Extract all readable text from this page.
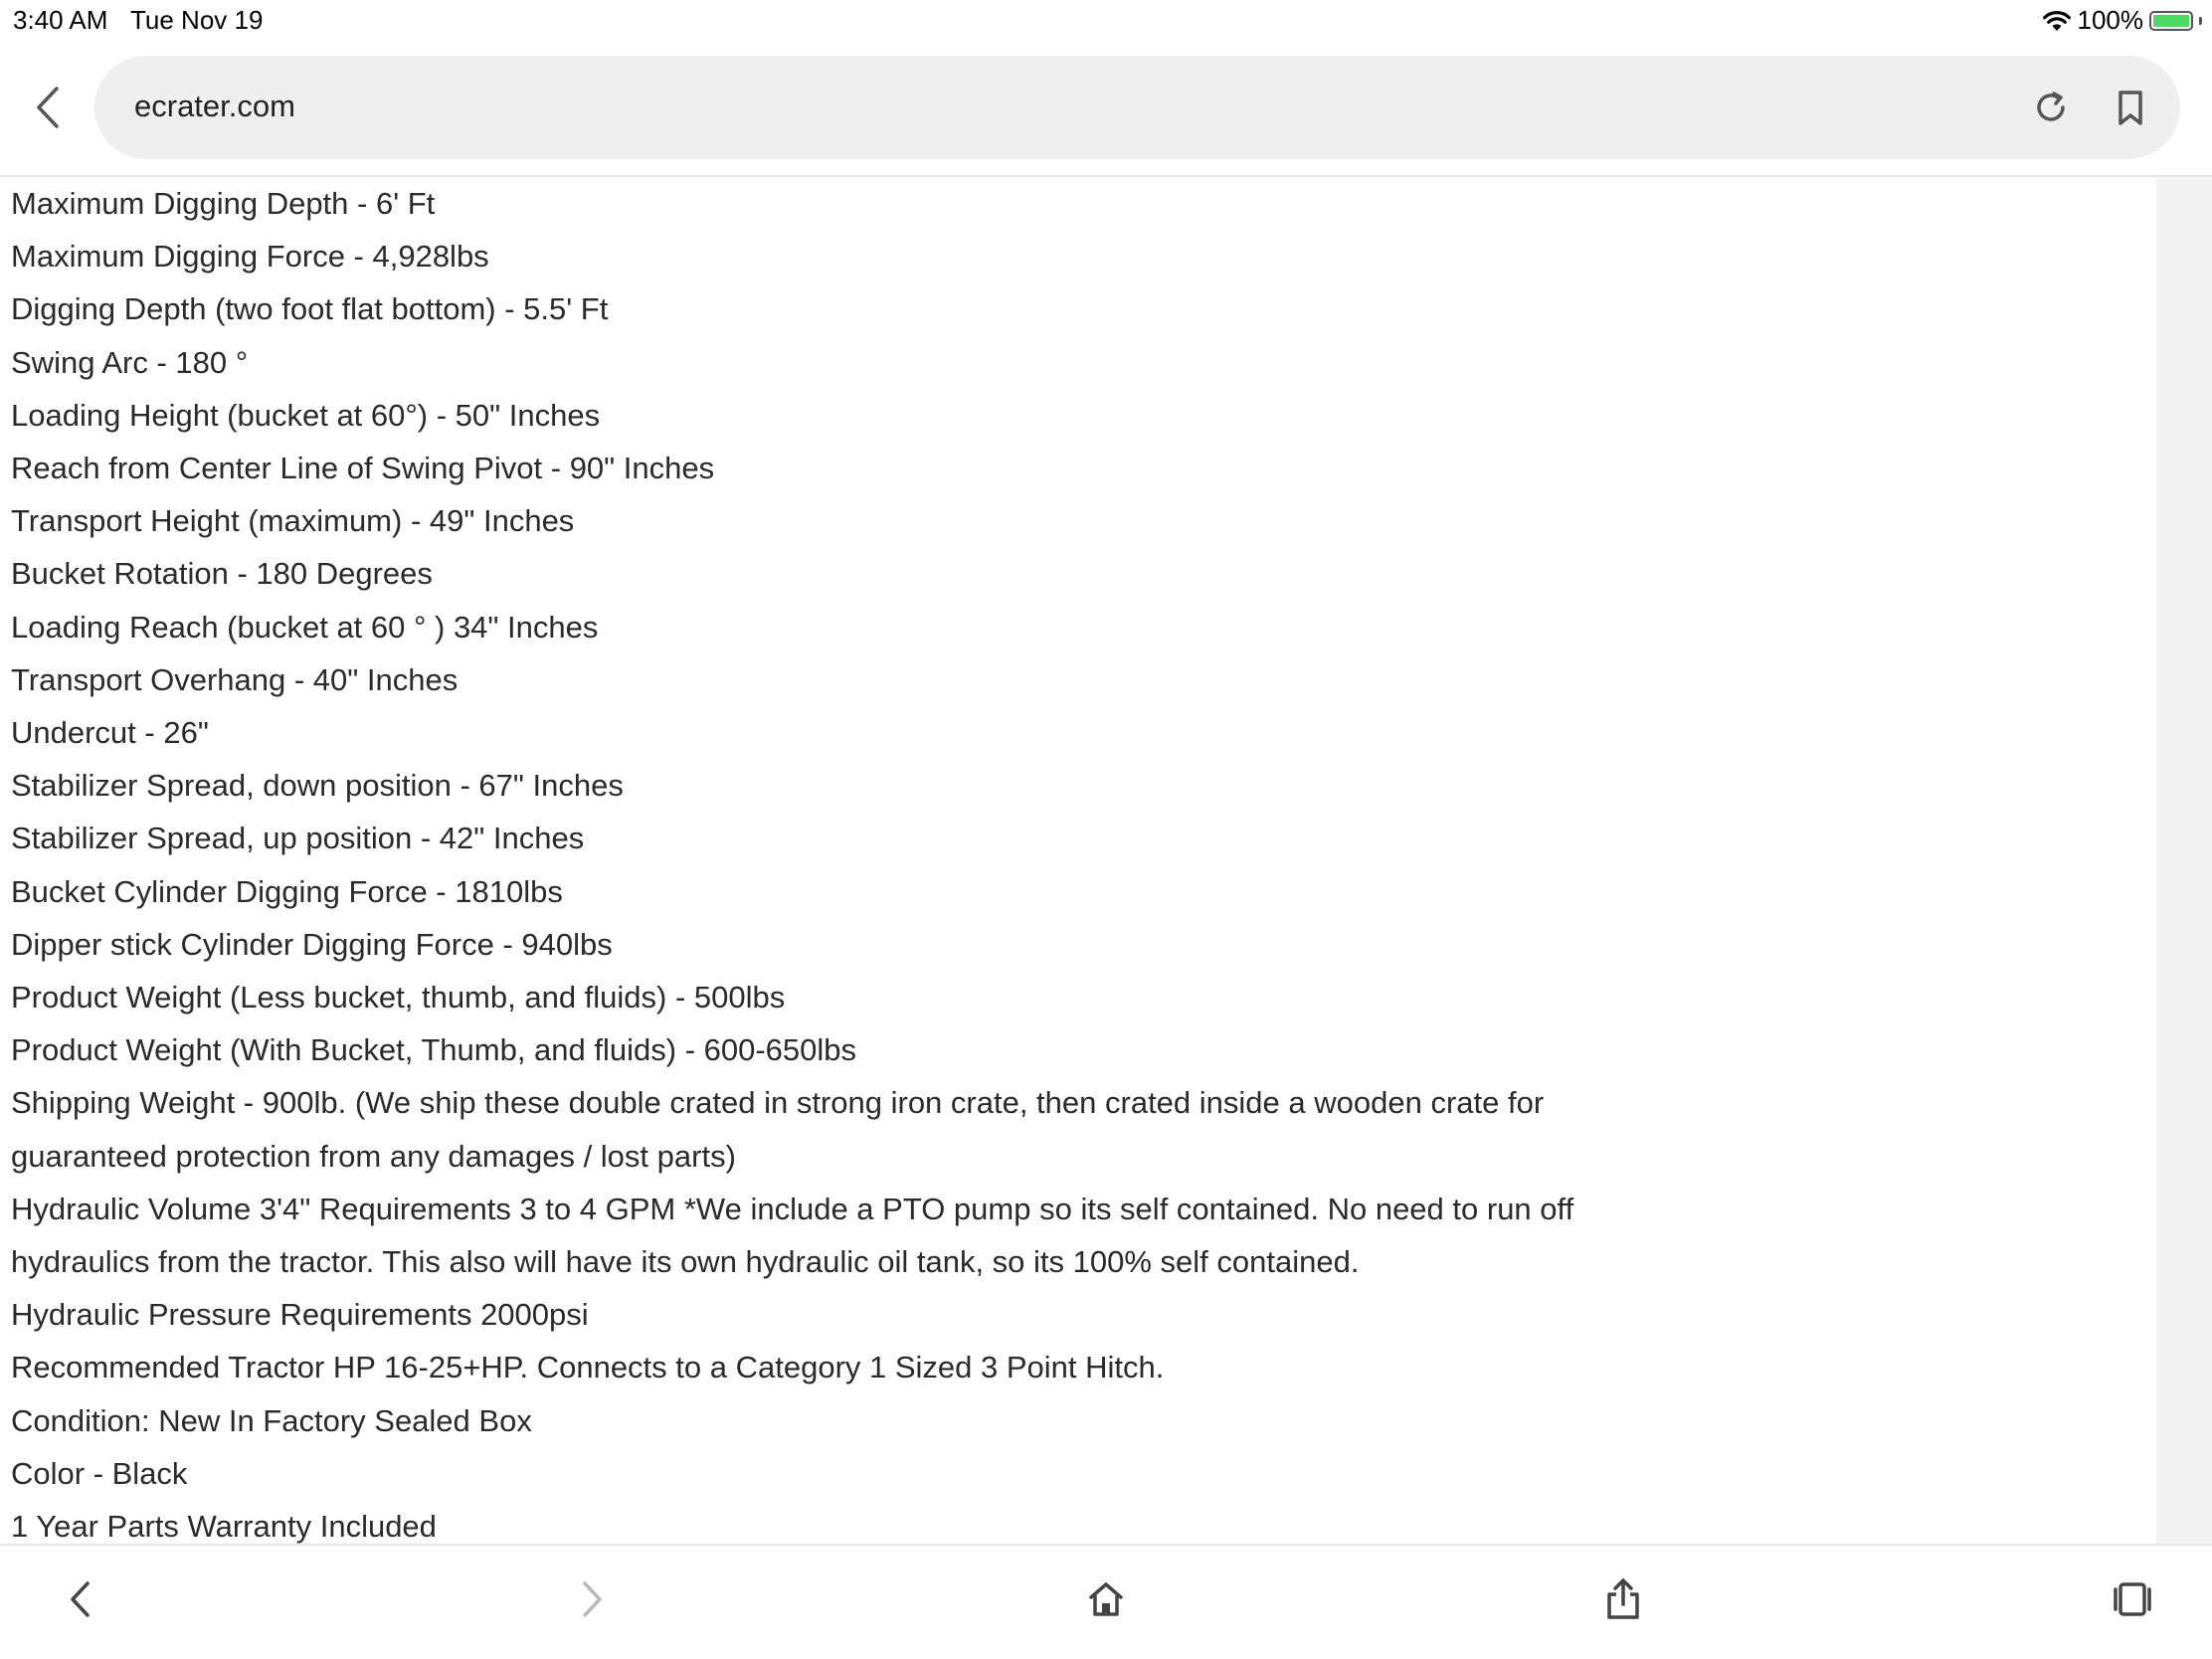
3:40 AM Tue Nov 19	100%
ecrater.com
Maximum Digging Depth - 6' Ft
Maximum Digging Force - 4,928lbs
Digging Depth (two foot flat bottom) - 5.5' Ft
Swing Arc - 180 °
Loading Height (bucket at 60°) - 50" Inches
Reach from Center Line of Swing Pivot - 90" Inches
Transport Height (maximum) - 49" Inches
Bucket Rotation - 180 Degrees
Loading Reach (bucket at 60 ° ) 34" Inches
Transport Overhang - 40" Inches
Undercut - 26"
Stabilizer Spread, down position - 67" Inches
Stabilizer Spread, up position - 42" Inches
Bucket Cylinder Digging Force - 1810lbs
Dipper stick Cylinder Digging Force - 940lbs
Product Weight (Less bucket, thumb, and fluids) - 500lbs
Product Weight (With Bucket, Thumb, and fluids) - 600-650lbs
Shipping Weight - 900lb. (We ship these double crated in strong iron crate, then crated inside a wooden crate for guaranteed protection from any damages / lost parts)
Hydraulic Volume 3'4" Requirements 3 to 4 GPM *We include a PTO pump so its self contained. No need to run off hydraulics from the tractor. This also will have its own hydraulic oil tank, so its 100% self contained.
Hydraulic Pressure Requirements 2000psi
Recommended Tractor HP 16-25+HP. Connects to a Category 1 Sized 3 Point Hitch.
Condition: New In Factory Sealed Box
Color - Black
1 Year Parts Warranty Included
